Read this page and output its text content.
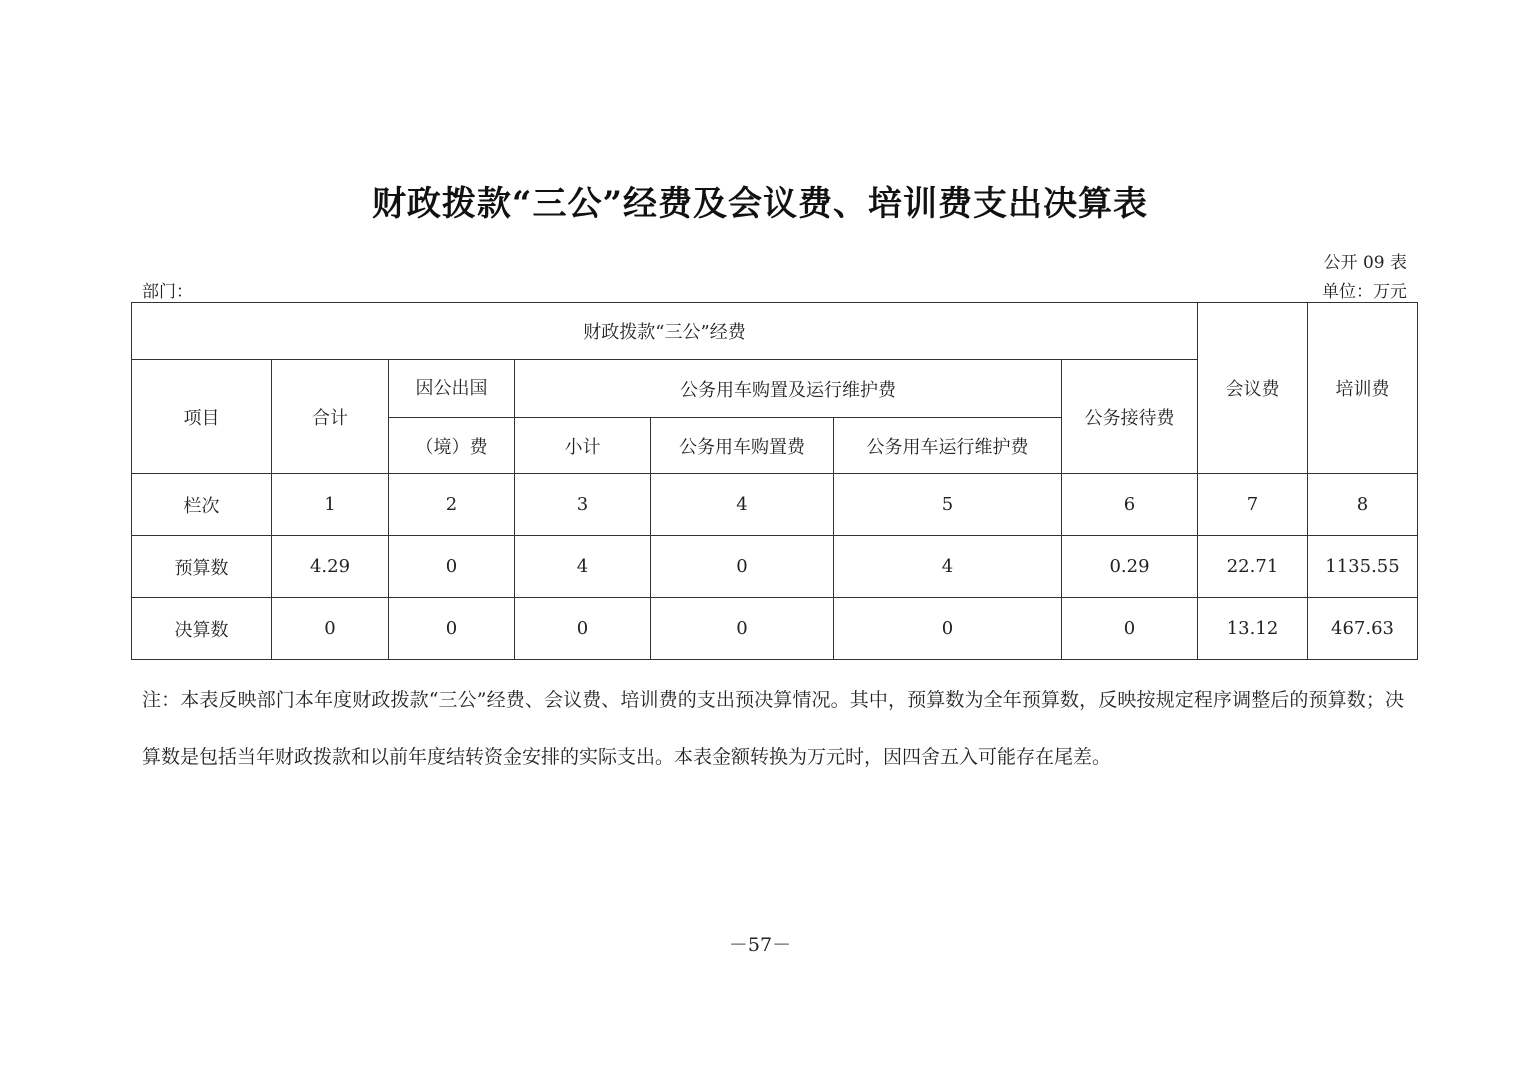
财政拨款“三公”经费及会议费、培训费支出决算表
公开 09 表
部门：	单位：万元
财政拨款“三公”经费							会议费	培训费
项目	合计	因公出国	公务用车购置及运行维护费			公务接待费		
		（境）费	小计	公务用车购置费	公务用车运行维护费			
栏次	1	2	3	4	5	6	7	8
预算数	4.29	0	4	0	4	0.29	22.71	1135.55
决算数	0	0	0	0	0	0	13.12	467.63
注：本表反映部门本年度财政拨款“三公”经费、会议费、培训费的支出预决算情况。其中，预算数为全年预算数，反映按规定程序调整后的预算数；决算数是包括当年财政拨款和以前年度结转资金安排的实际支出。本表金额转换为万元时，因四舍五入可能存在尾差。
－57－
